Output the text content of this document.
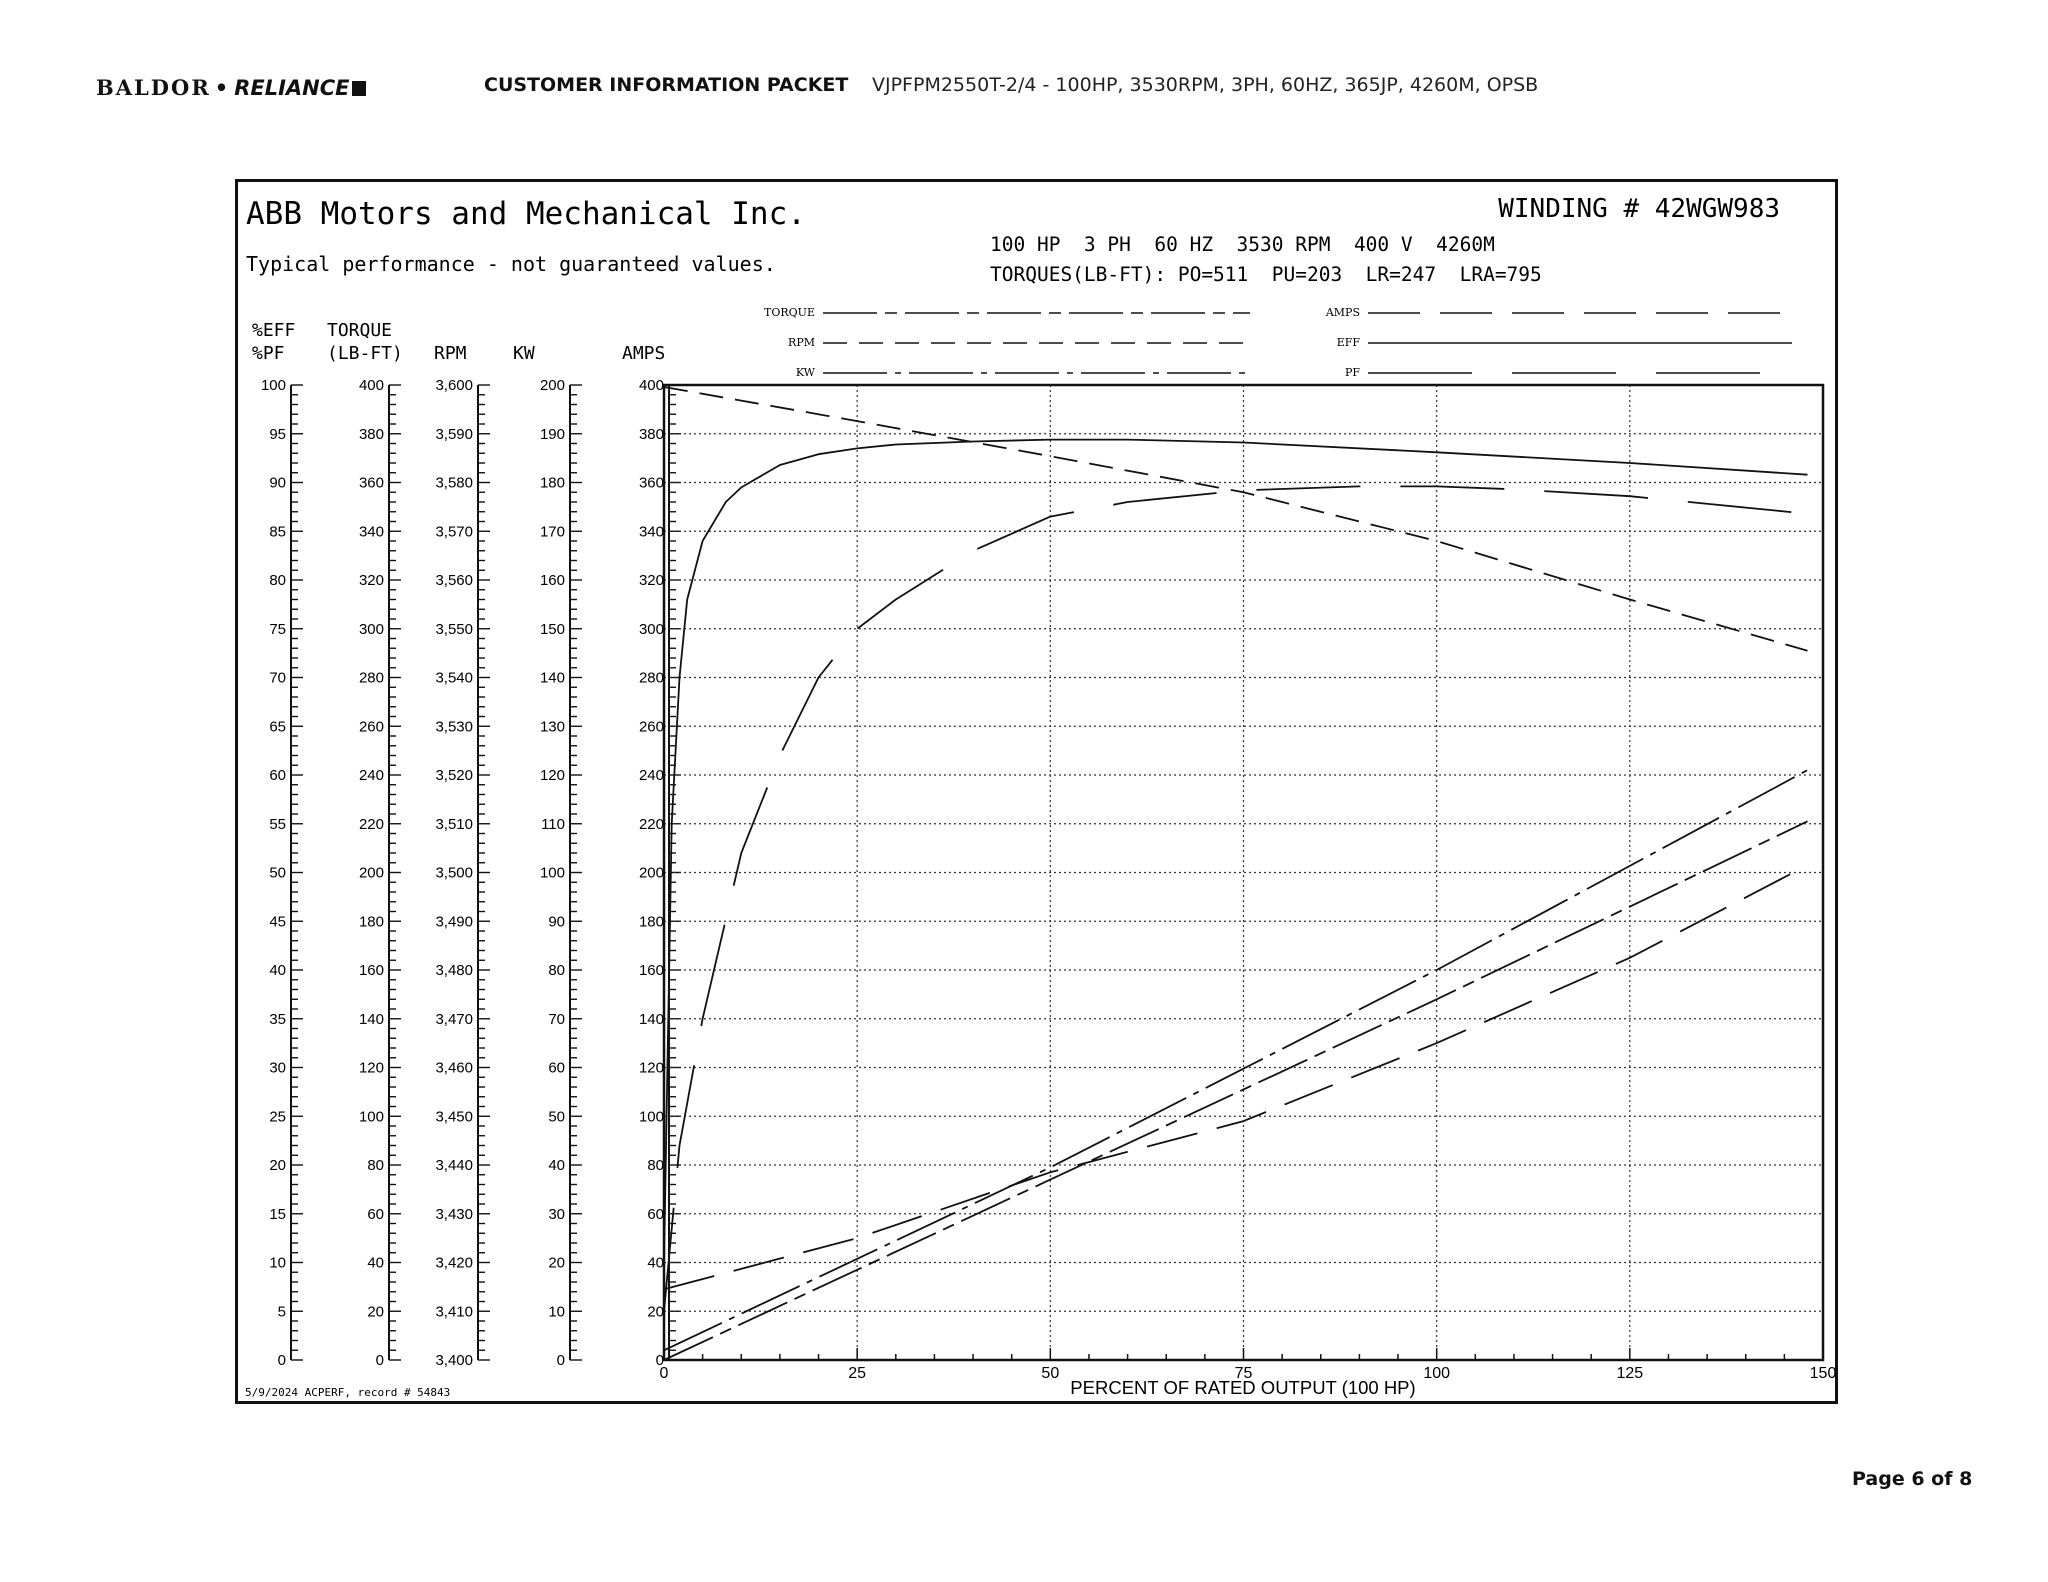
BALDOR • RELIANCE	CUSTOMER INFORMATION PACKET VJPFPM2550T-2/4 - 100HP, 3530RPM, 3PH, 60HZ, 365JP, 4260M, OPSB
ABB Motors and Mechanical Inc.
Typical performance - not guaranteed values.
WINDING # 42WGW983
100 HP  3 PH  60 HZ  3530 RPM  400 V  4260M
TORQUES(LB-FT): PO=511  PU=203  LR=247  LRA=795
5/9/2024 ACPERF, record # 54843
TORQUE
RPM
KW
AMPS
EFF
PF
100
95
90
85
80
75
70
65
60
55
50
45
40
35
30
25
20
15
10
5
0
%EFF
%PF
400
380
360
340
320
300
280
260
240
220
200
180
160
140
120
100
80
60
40
20
0
TORQUE
(LB-FT)
3,600
3,590
3,580
3,570
3,560
3,550
3,540
3,530
3,520
3,510
3,500
3,490
3,480
3,470
3,460
3,450
3,440
3,430
3,420
3,410
3,400
RPM
200
190
180
170
160
150
140
130
120
110
100
90
80
70
60
50
40
30
20
10
0
KW
400
380
360
340
320
300
280
260
240
220
200
180
160
140
120
100
80
60
40
20
0
AMPS
0	25	50	75	100	125	150
PERCENT OF RATED OUTPUT (100 HP)
Page 6 of 8
